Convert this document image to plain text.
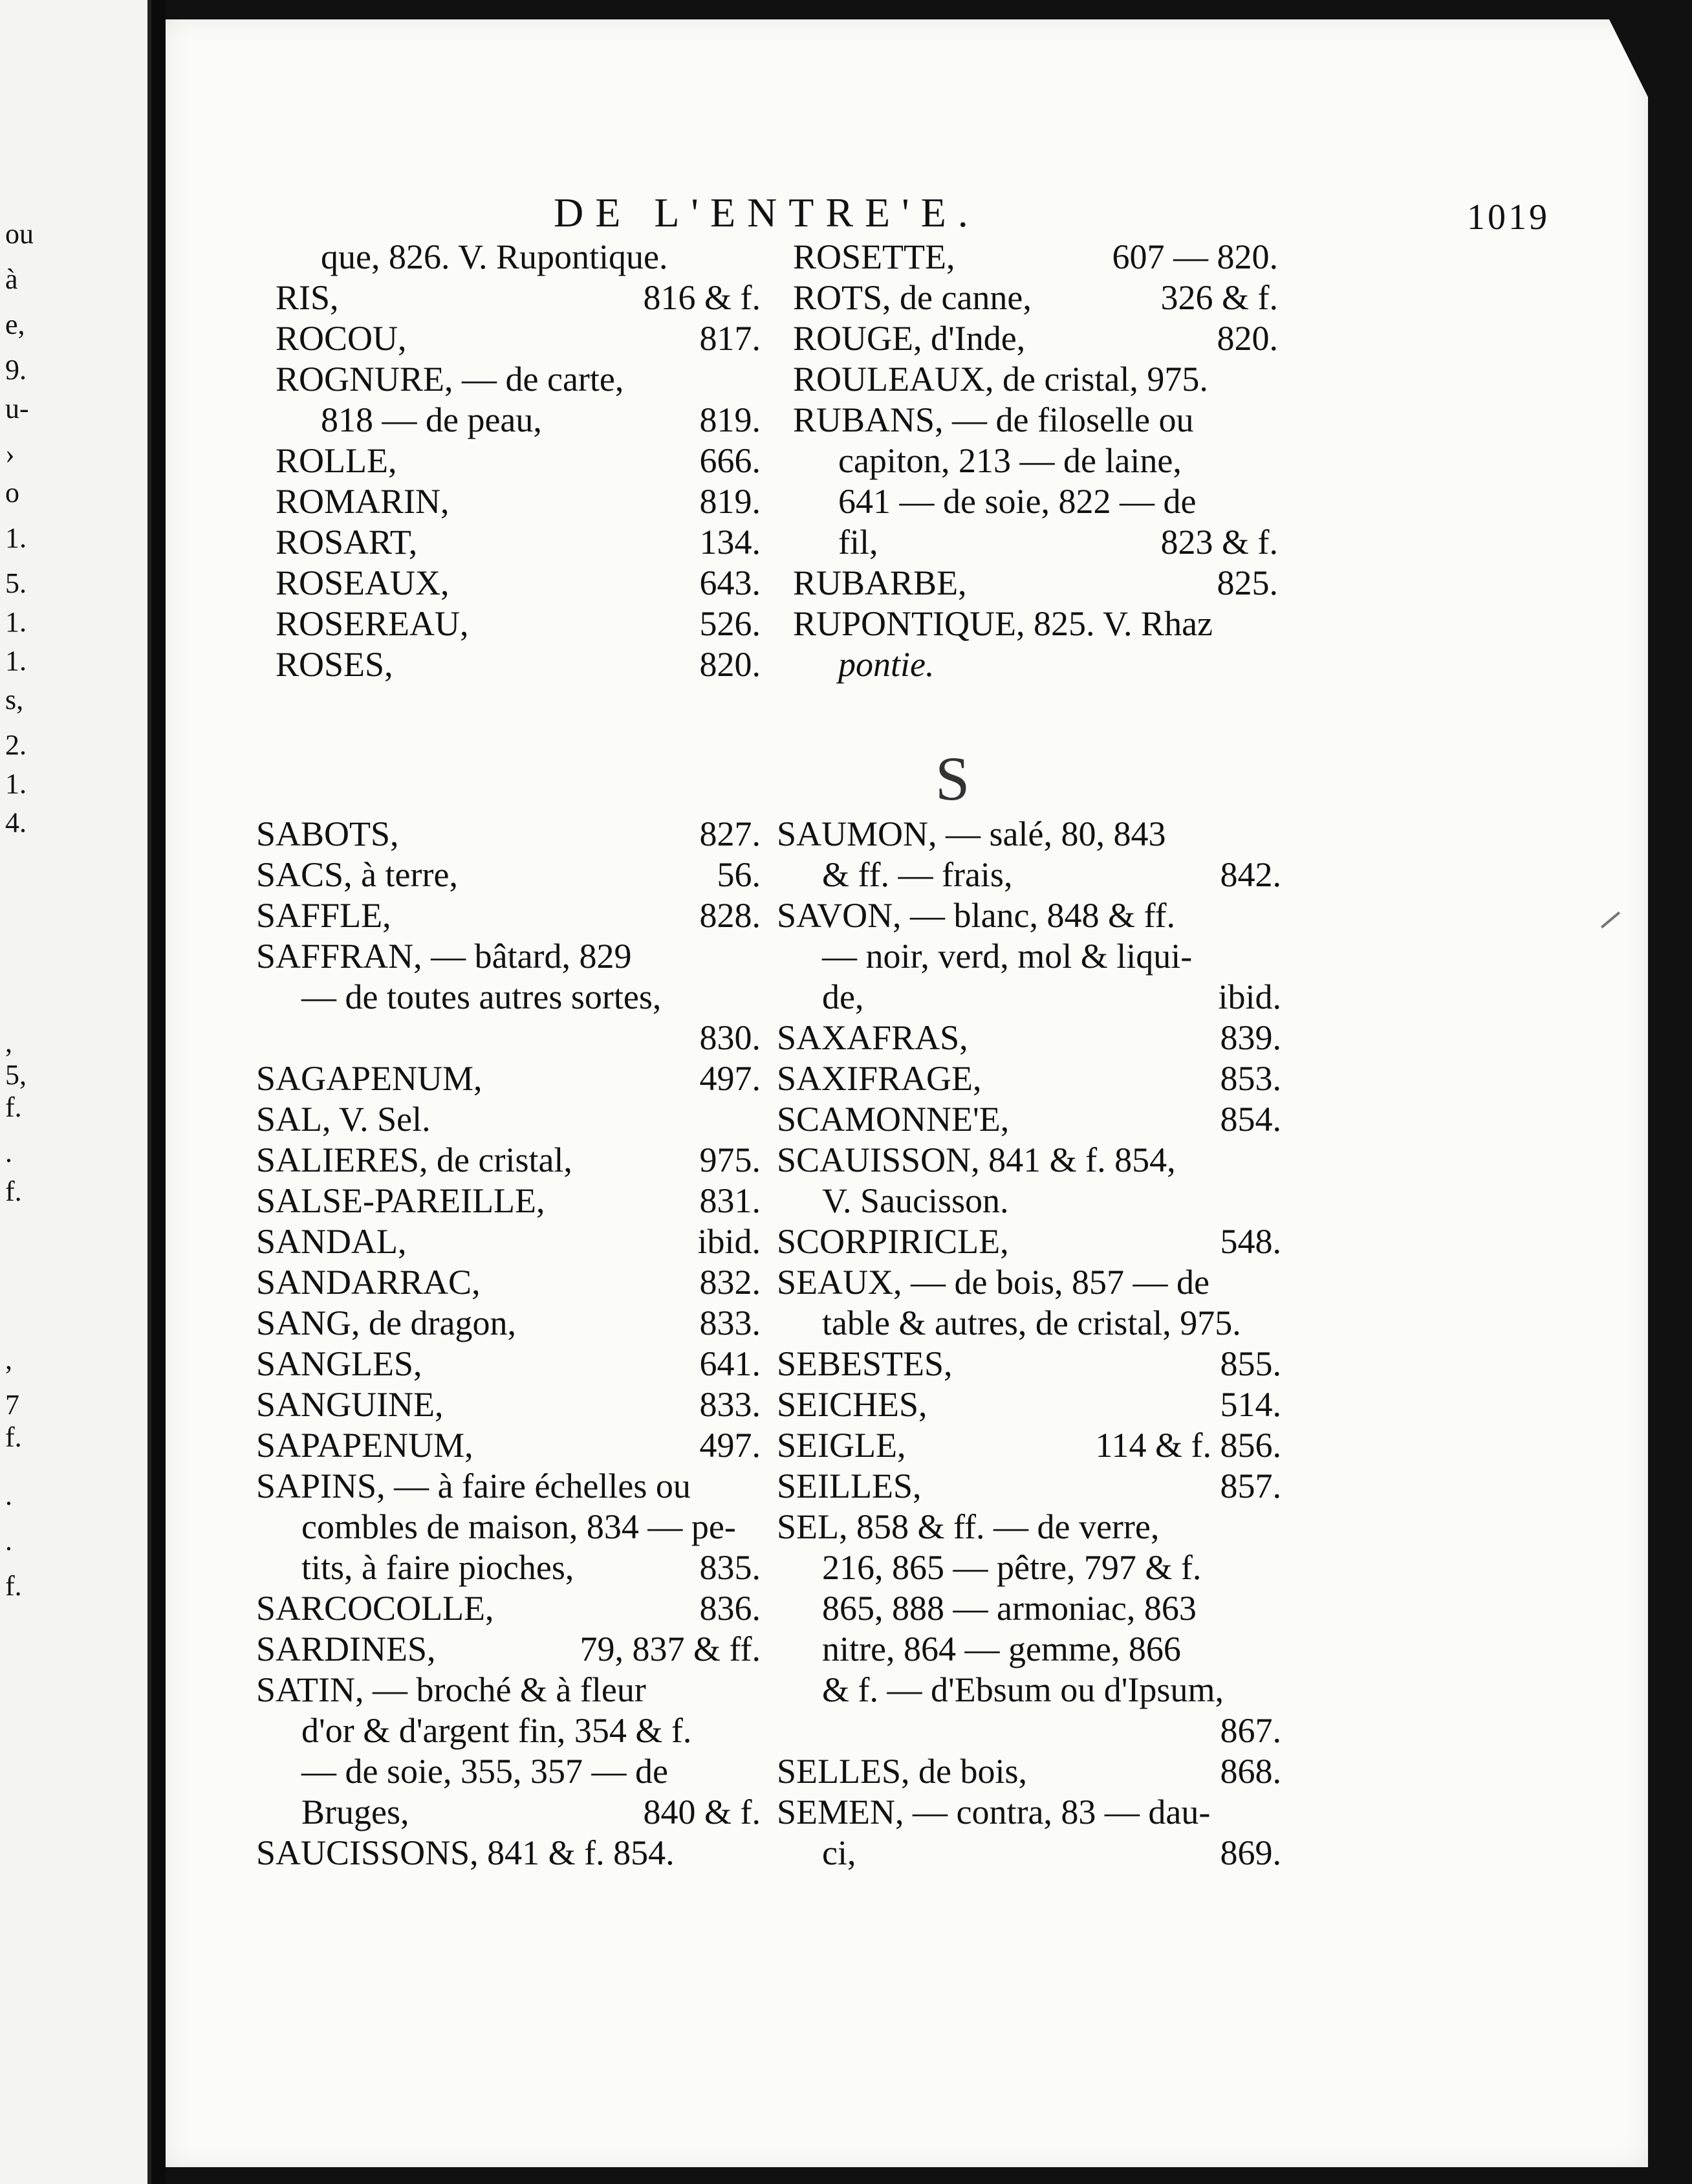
ou
à
e,
9.
u-
›
o
1.
5.
1.
1.
s,
2.
1.
4.
,
5,
f.
.
f.
,
7
f.
.
.
f.
DE L'ENTRE'E.	1019
que, 826. V. Rupontique.
RIS,	816 & f.
ROCOU,	817.
ROGNURE, — de carte,
818 — de peau,	819.
ROLLE,	666.
ROMARIN,	819.
ROSART,	134.
ROSEAUX,	643.
ROSEREAU,	526.
ROSES,	820.
ROSETTE,	607 — 820.
ROTS, de canne,	326 & f.
ROUGE, d'Inde,	820.
ROULEAUX, de cristal, 975.
RUBANS, — de filoselle ou
capiton, 213 — de laine,
641 — de soie, 822 — de
fil,	823 & f.
RUBARBE,	825.
RUPONTIQUE, 825. V. Rhaz
pontie.
S
SABOTS,	827.
SACS, à terre,	56.
SAFFLE,	828.
SAFFRAN, — bâtard, 829
— de toutes autres sortes,
830.
SAGAPENUM,	497.
SAL, V. Sel.
SALIERES, de cristal,	975.
SALSE-PAREILLE,	831.
SANDAL,	ibid.
SANDARRAC,	832.
SANG, de dragon,	833.
SANGLES,	641.
SANGUINE,	833.
SAPAPENUM,	497.
SAPINS, — à faire échelles ou
combles de maison, 834 — pe-
tits, à faire pioches,	835.
SARCOCOLLE,	836.
SARDINES,	79, 837 & ff.
SATIN, — broché & à fleur
d'or & d'argent fin, 354 & f.
— de soie, 355, 357 — de
Bruges,	840 & f.
SAUCISSONS, 841 & f. 854.
SAUMON, — salé, 80, 843
& ff. — frais,	842.
SAVON, — blanc, 848 & ff.
— noir, verd, mol & liqui-
de,	ibid.
SAXAFRAS,	839.
SAXIFRAGE,	853.
SCAMONNE'E,	854.
SCAUISSON, 841 & f. 854,
V. Saucisson.
SCORPIRICLE,	548.
SEAUX, — de bois, 857 — de
table & autres, de cristal, 975.
SEBESTES,	855.
SEICHES,	514.
SEIGLE,	114 & f. 856.
SEILLES,	857.
SEL, 858 & ff. — de verre,
216, 865 — pêtre, 797 & f.
865, 888 — armoniac, 863
nitre, 864 — gemme, 866
& f. — d'Ebsum ou d'Ipsum,
867.
SELLES, de bois,	868.
SEMEN, — contra, 83 — dau-
ci,	869.
